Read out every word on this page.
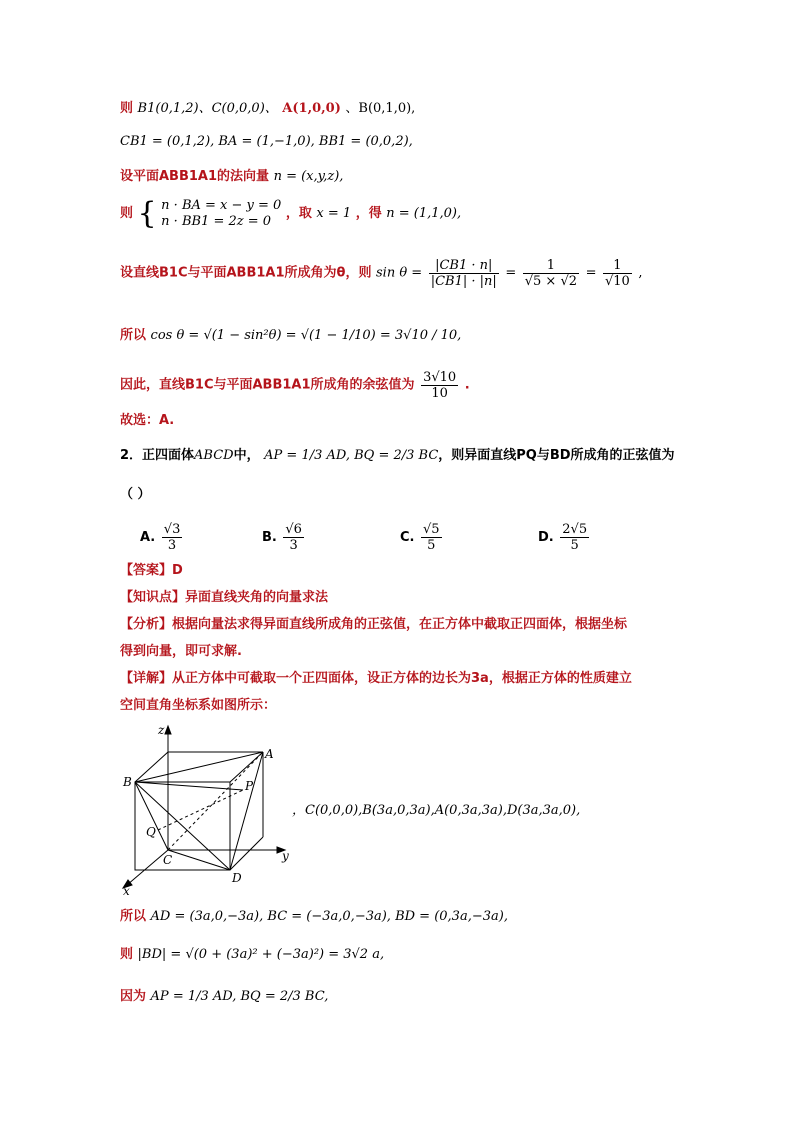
则 B1(0,1,2)、C(0,0,0)、 A(1,0,0) 、B(0,1,0),
CB1 = (0,1,2), BA = (1,−1,0), BB1 = (0,0,2),
设平面ABB1A1的法向量 n = (x,y,z),
则 { n · BA = x − y = 0
n · BB1 = 2z = 0
，取 x = 1 ，得 n = (1,1,0),
设直线B1C与平面ABB1A1所成角为θ，则 $\sin \theta = \frac{|CB1 \cdot n|}{|CB1| \cdot |n|} = \frac{1}{√5 \times √2} = \frac{1}{√10}$ ,
所以 cos θ = √(1 − sin²θ) = √(1 − 1/10) = 3√10 / 10,
因此，直线B1C与平面ABB1A1所成角的余弦值为 $\frac{3√10}{10}$ .
故选：A.
2．正四面体ABCD中， AP = 1/3 AD, BQ = 2/3 BC，则异面直线PQ与BD所成角的正弦值为
（ ）
A. $\frac{√3}{3}$	B. $\frac{√6}{3}$	C. $\frac{√5}{5}$	D. $\frac{2√5}{5}$
【答案】D
【知识点】异面直线夹角的向量求法
【分析】根据向量法求得异面直线所成角的正弦值，在正方体中截取正四面体，根据坐标
得到向量，即可求解.
【详解】从正方体中可截取一个正四面体，设正方体的边长为3a，根据正方体的性质建立
空间直角坐标系如图所示：
z
y
x
A
B
C
D
P
Q
，C(0,0,0),B(3a,0,3a),A(0,3a,3a),D(3a,3a,0),
所以 AD = (3a,0,−3a), BC = (−3a,0,−3a), BD = (0,3a,−3a),
则 |BD| = √(0 + (3a)² + (−3a)²) = 3√2 a,
因为 AP = 1/3 AD, BQ = 2/3 BC,
